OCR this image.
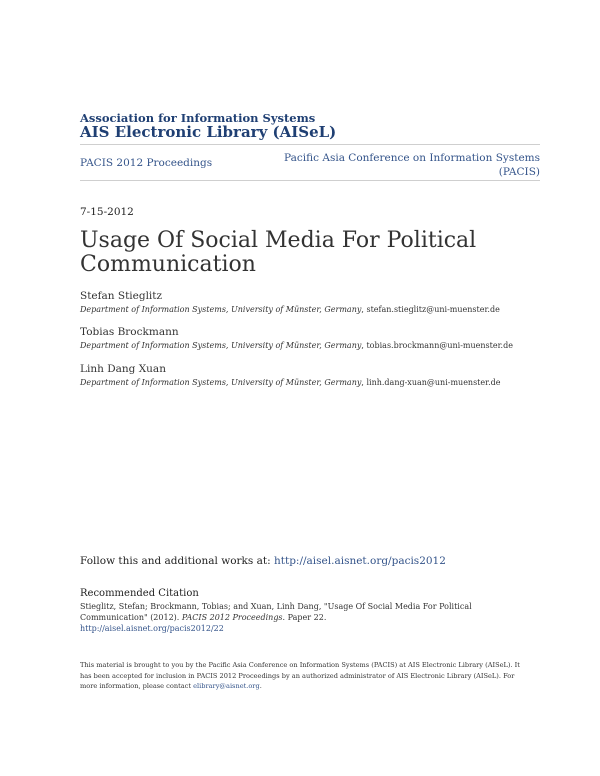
Association for Information Systems
AIS Electronic Library (AISeL)
PACIS 2012 Proceedings	Pacific Asia Conference on Information Systems
(PACIS)
7-15-2012
Usage Of Social Media For Political Communication
Stefan Stieglitz
Department of Information Systems, University of Münster, Germany, stefan.stieglitz@uni-muenster.de
Tobias Brockmann
Department of Information Systems, University of Münster, Germany, tobias.brockmann@uni-muenster.de
Linh Dang Xuan
Department of Information Systems, University of Münster, Germany, linh.dang-xuan@uni-muenster.de
Follow this and additional works at: http://aisel.aisnet.org/pacis2012
Recommended Citation
Stieglitz, Stefan; Brockmann, Tobias; and Xuan, Linh Dang, "Usage Of Social Media For Political Communication" (2012). PACIS 2012 Proceedings. Paper 22.
http://aisel.aisnet.org/pacis2012/22
This material is brought to you by the Pacific Asia Conference on Information Systems (PACIS) at AIS Electronic Library (AISeL). It has been accepted for inclusion in PACIS 2012 Proceedings by an authorized administrator of AIS Electronic Library (AISeL). For more information, please contact elibrary@aisnet.org.
